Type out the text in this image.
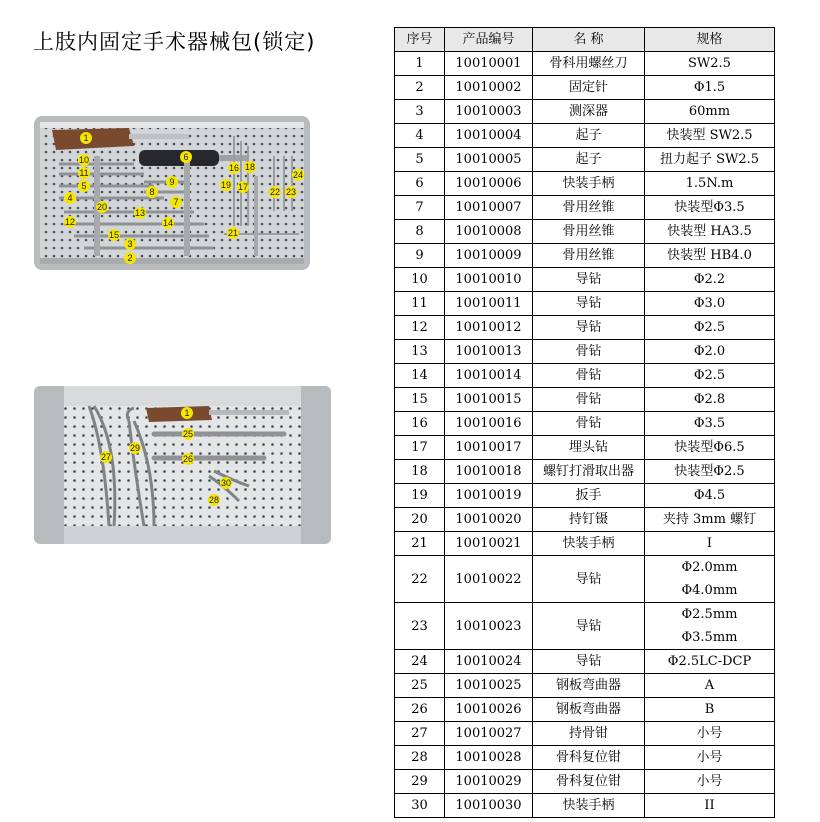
上肢内固定手术器械包(锁定)
1
10
11
5
4
12
20
15
3
2
13
14
8
9
7
6
19
16
17
18
22 23
24
21
1
25
26
27
29
30
28
序号	产品编号	名 称	规格
1	10010001	骨科用螺丝刀	SW2.5
2	10010002	固定针	Φ1.5
3	10010003	测深器	60mm
4	10010004	起子	快装型 SW2.5
5	10010005	起子	扭力起子 SW2.5
6	10010006	快装手柄	1.5N.m
7	10010007	骨用丝锥	快装型Φ3.5
8	10010008	骨用丝锥	快装型 HA3.5
9	10010009	骨用丝锥	快装型 HB4.0
10	10010010	导钻	Φ2.2
11	10010011	导钻	Φ3.0
12	10010012	导钻	Φ2.5
13	10010013	骨钻	Φ2.0
14	10010014	骨钻	Φ2.5
15	10010015	骨钻	Φ2.8
16	10010016	骨钻	Φ3.5
17	10010017	埋头钻	快装型Φ6.5
18	10010018	螺钉打滑取出器	快装型Φ2.5
19	10010019	扳手	Φ4.5
20	10010020	持钉镊	夹持 3mm 螺钉
21	10010021	快装手柄	I
22	10010022	导钻	Φ2.0mm
Φ4.0mm

23	10010023	导钻	Φ2.5mm
Φ3.5mm

24	10010024	导钻	Φ2.5LC-DCP
25	10010025	钢板弯曲器	A
26	10010026	钢板弯曲器	B
27	10010027	持骨钳	小号
28	10010028	骨科复位钳	小号
29	10010029	骨科复位钳	小号
30	10010030	快装手柄	II
